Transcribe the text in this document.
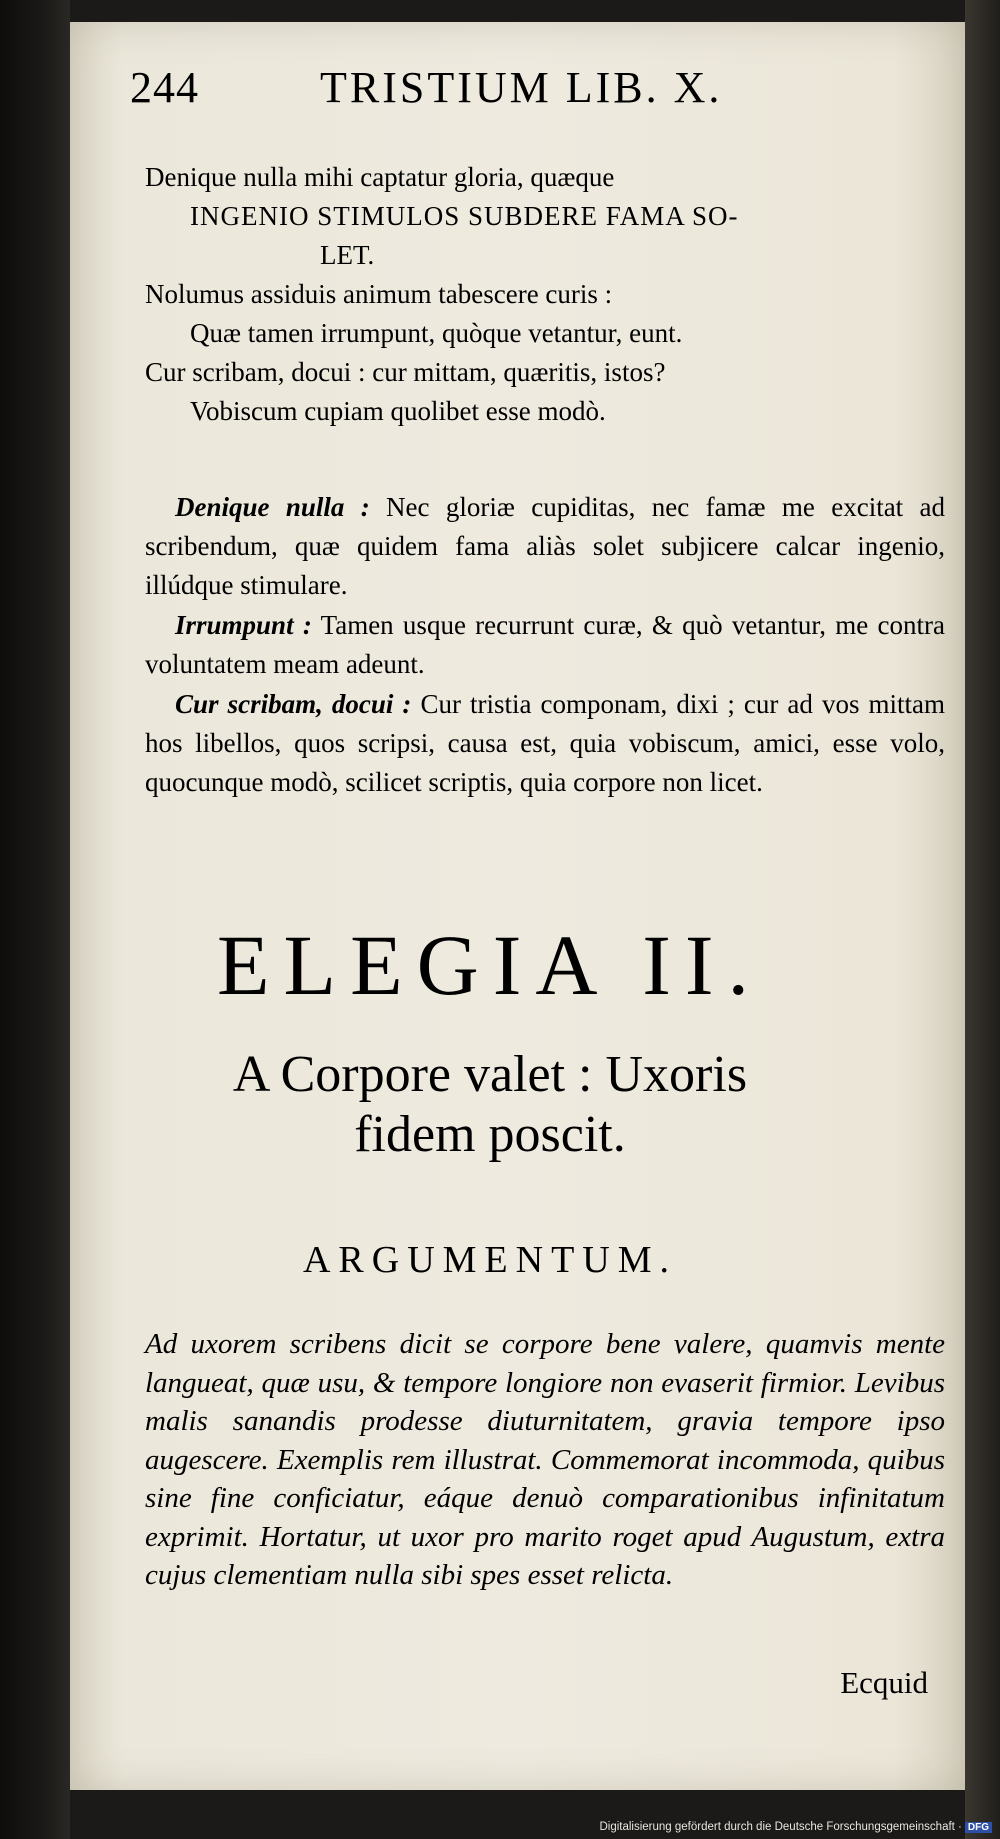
244	TRISTIUM LIB. X.
Denique nulla mihi captatur gloria, quæque
INGENIO STIMULOS SUBDERE FAMA SO-
LET.
Nolumus assiduis animum tabescere curis :
Quæ tamen irrumpunt, quòque vetantur, eunt.
Cur scribam, docui : cur mittam, quæritis, istos?
Vobiscum cupiam quolibet esse modò.

Denique nulla : Nec gloriæ cupiditas, nec famæ me excitat ad scribendum, quæ quidem fama aliàs solet subjicere calcar ingenio, illúdque stimulare.

Irrumpunt : Tamen usque recurrunt curæ, & quò vetantur, me contra voluntatem meam adeunt.

Cur scribam, docui : Cur tristia componam, dixi ; cur ad vos mittam hos libellos, quos scripsi, causa est, quia vobiscum, amici, esse volo, quocunque modò, scilicet scriptis, quia corpore non licet.

ELEGIA II.
A Corpore valet : Uxoris
fidem poscit.
ARGUMENTUM.
Ad uxorem scribens dicit se corpore bene valere, quamvis mente langueat, quæ usu, & tempore longiore non evaserit firmior. Levibus malis sanandis prodesse diuturnitatem, gravia tempore ipso augescere. Exemplis rem illustrat. Commemorat incommoda, quibus sine fine conficiatur, eáque denuò comparationibus infinitatum exprimit. Hortatur, ut uxor pro marito roget apud Augustum, extra cujus clementiam nulla sibi spes esset relicta.
Ecquid
Digitalisierung gefördert durch die Deutsche Forschungsgemeinschaft · DFG
